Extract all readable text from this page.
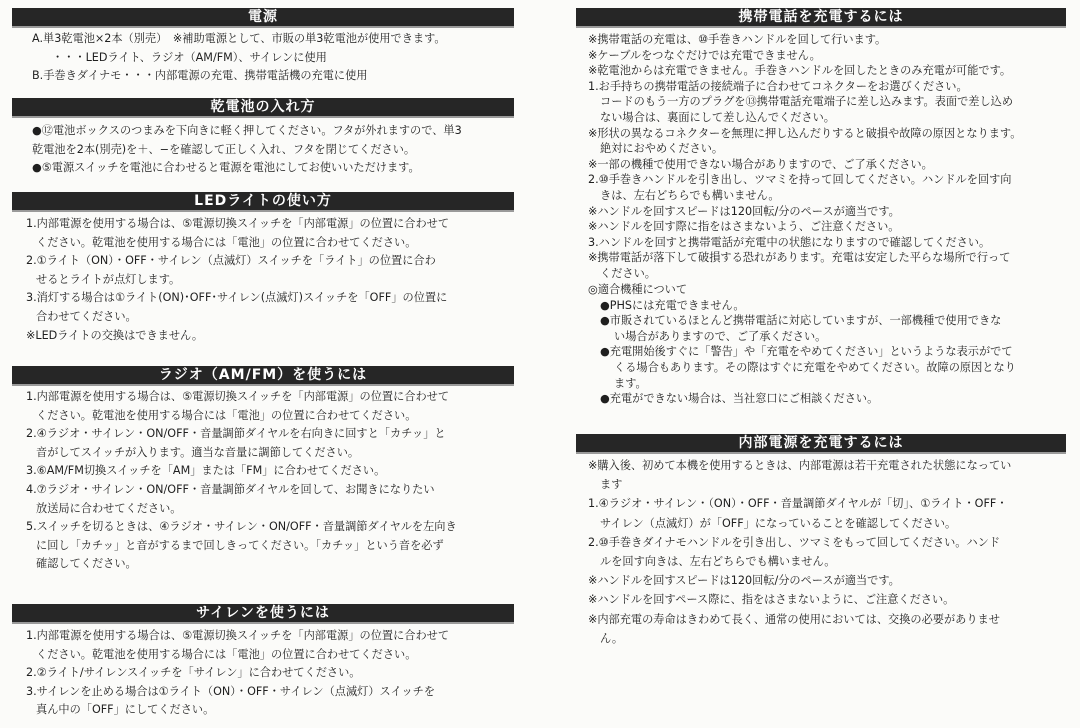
電源
A.単3乾電池×2本（別売）　※補助電源として、市販の単3乾電池が使用できます。
・・・LEDライト、ラジオ（AM/FM）、サイレンに使用
B.手巻きダイナモ・・・内部電源の充電、携帯電話機の充電に使用
乾電池の入れ方
●⑫電池ボックスのつまみを下向きに軽く押してください。フタが外れますので、単3
乾電池を2本(別売)を＋、−を確認して正しく入れ、フタを閉じてください。
●⑤電源スイッチを電池に合わせると電源を電池にしてお使いいただけます。
LEDライトの使い方
1.内部電源を使用する場合は、⑤電源切換スイッチを「内部電源」の位置に合わせて
ください。乾電池を使用する場合には「電池」の位置に合わせてください。
2.①ライト（ON）・OFF・サイレン（点滅灯）スイッチを「ライト」の位置に合わ
せるとライトが点灯します。
3.消灯する場合は①ライト(ON)･OFF･サイレン(点滅灯)スイッチを「OFF」の位置に
合わせてください。
※LEDライトの交換はできません。
ラジオ（AM/FM）を使うには
1.内部電源を使用する場合は、⑤電源切換スイッチを「内部電源」の位置に合わせて
ください。乾電池を使用する場合には「電池」の位置に合わせてください。
2.④ラジオ・サイレン・ON/OFF・音量調節ダイヤルを右向きに回すと「カチッ」と
音がしてスイッチが入ります。適当な音量に調節してください。
3.⑥AM/FM切換スイッチを「AM」または「FM」に合わせてください。
4.⑦ラジオ・サイレン・ON/OFF・音量調節ダイヤルを回して、お聞きになりたい
放送局に合わせてください。
5.スイッチを切るときは、④ラジオ・サイレン・ON/OFF・音量調節ダイヤルを左向き
に回し「カチッ」と音がするまで回しきってください。「カチッ」という音を必ず
確認してください。
サイレンを使うには
1.内部電源を使用する場合は、⑤電源切換スイッチを「内部電源」の位置に合わせて
ください。乾電池を使用する場合には「電池」の位置に合わせてください。
2.②ライト/サイレンスイッチを「サイレン」に合わせてください。
3.サイレンを止める場合は①ライト（ON）・OFF・サイレン（点滅灯）スイッチを
真ん中の「OFF」にしてください。
携帯電話を充電するには
※携帯電話の充電は、⑩手巻きハンドルを回して行います。
※ケーブルをつなぐだけでは充電できません。
※乾電池からは充電できません。手巻きハンドルを回したときのみ充電が可能です。
1.お手持ちの携帯電話の接続端子に合わせてコネクターをお選びください。
コードのもう一方のプラグを⑬携帯電話充電端子に差し込みます。表面で差し込め
ない場合は、裏面にして差し込んでください。
※形状の異なるコネクターを無理に押し込んだりすると破損や故障の原因となります。
絶対におやめください。
※一部の機種で使用できない場合がありますので、ご了承ください。
2.⑩手巻きハンドルを引き出し、ツマミを持って回してください。ハンドルを回す向
きは、左右どちらでも構いません。
※ハンドルを回すスピードは120回転/分のペースが適当です。
※ハンドルを回す際に指をはさまないよう、ご注意ください。
3.ハンドルを回すと携帯電話が充電中の状態になりますので確認してください。
※携帯電話が落下して破損する恐れがあります。充電は安定した平らな場所で行って
ください。
◎適合機種について
●PHSには充電できません。
●市販されているほとんど携帯電話に対応していますが、一部機種で使用できな
い場合がありますので、ご了承ください。
●充電開始後すぐに「警告」や「充電をやめてください」というような表示がでて
くる場合もあります。その際はすぐに充電をやめてください。故障の原因となり
ます。
●充電ができない場合は、当社窓口にご相談ください。
内部電源を充電するには
※購入後、初めて本機を使用するときは、内部電源は若干充電された状態になってい
ます
1.④ラジオ・サイレン・（ON）・OFF・音量調節ダイヤルが「切」、①ライト・OFF・
サイレン（点滅灯）が「OFF」になっていることを確認してください。
2.⑩手巻きダイナモハンドルを引き出し、ツマミをもって回してください。ハンド
ルを回す向きは、左右どちらでも構いません。
※ハンドルを回すスピードは120回転/分のペースが適当です。
※ハンドルを回すペース際に、指をはさまないように、ご注意ください。
※内部充電の寿命はきわめて長く、通常の使用においては、交換の必要がありませ
ん。
